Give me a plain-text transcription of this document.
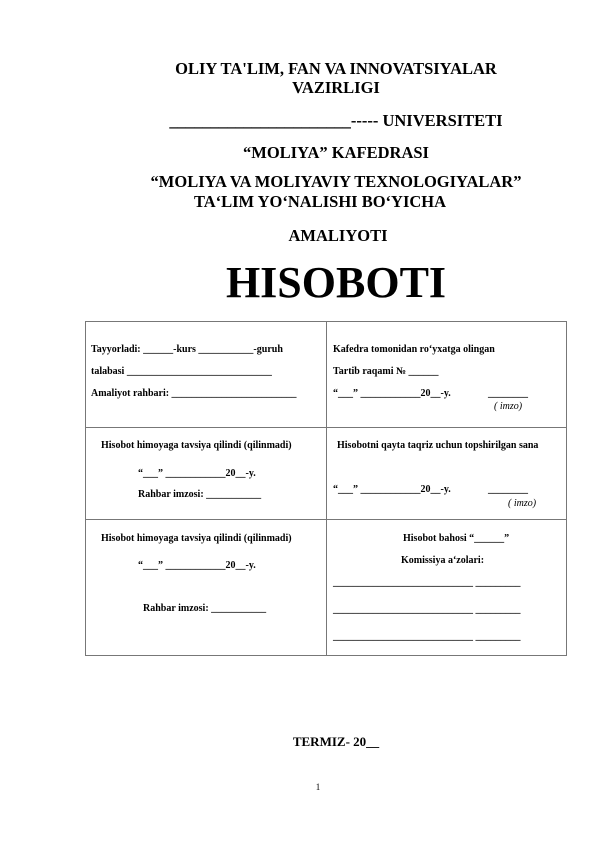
OLIY TA'LIM, FAN VA INNOVATSIYALAR
VAZIRLIGI
______________________----- UNIVERSITETI
“MOLIYA” KAFEDRASI
“MOLIYA VA MOLIYAVIY TEXNOLOGIYALAR”
TA‘LIM YO‘NALISHI BO‘YICHA
AMALIYOTI
HISOBOTI
Tayyorladi: ______-kurs ___________-guruh
talabasi _____________________________
Amaliyot rahbari: _________________________
Kafedra tomonidan ro‘yxatga olingan
Tartib raqami № ______
“___” ____________20__-y.	________
( imzo)
Hisobot himoyaga tavsiya qilindi (qilinmadi)
“___” ____________20__-y.
Rahbar imzosi: ___________
Hisobotni qayta taqriz uchun topshirilgan sana
“___” ____________20__-y.	________
( imzo)
Hisobot himoyaga tavsiya qilindi (qilinmadi)
“___” ____________20__-y.
Rahbar imzosi: ___________
Hisobot bahosi “______”
Komissiya a‘zolari:
____________________________ _________
____________________________ _________
____________________________ _________
TERMIZ- 20__
1
